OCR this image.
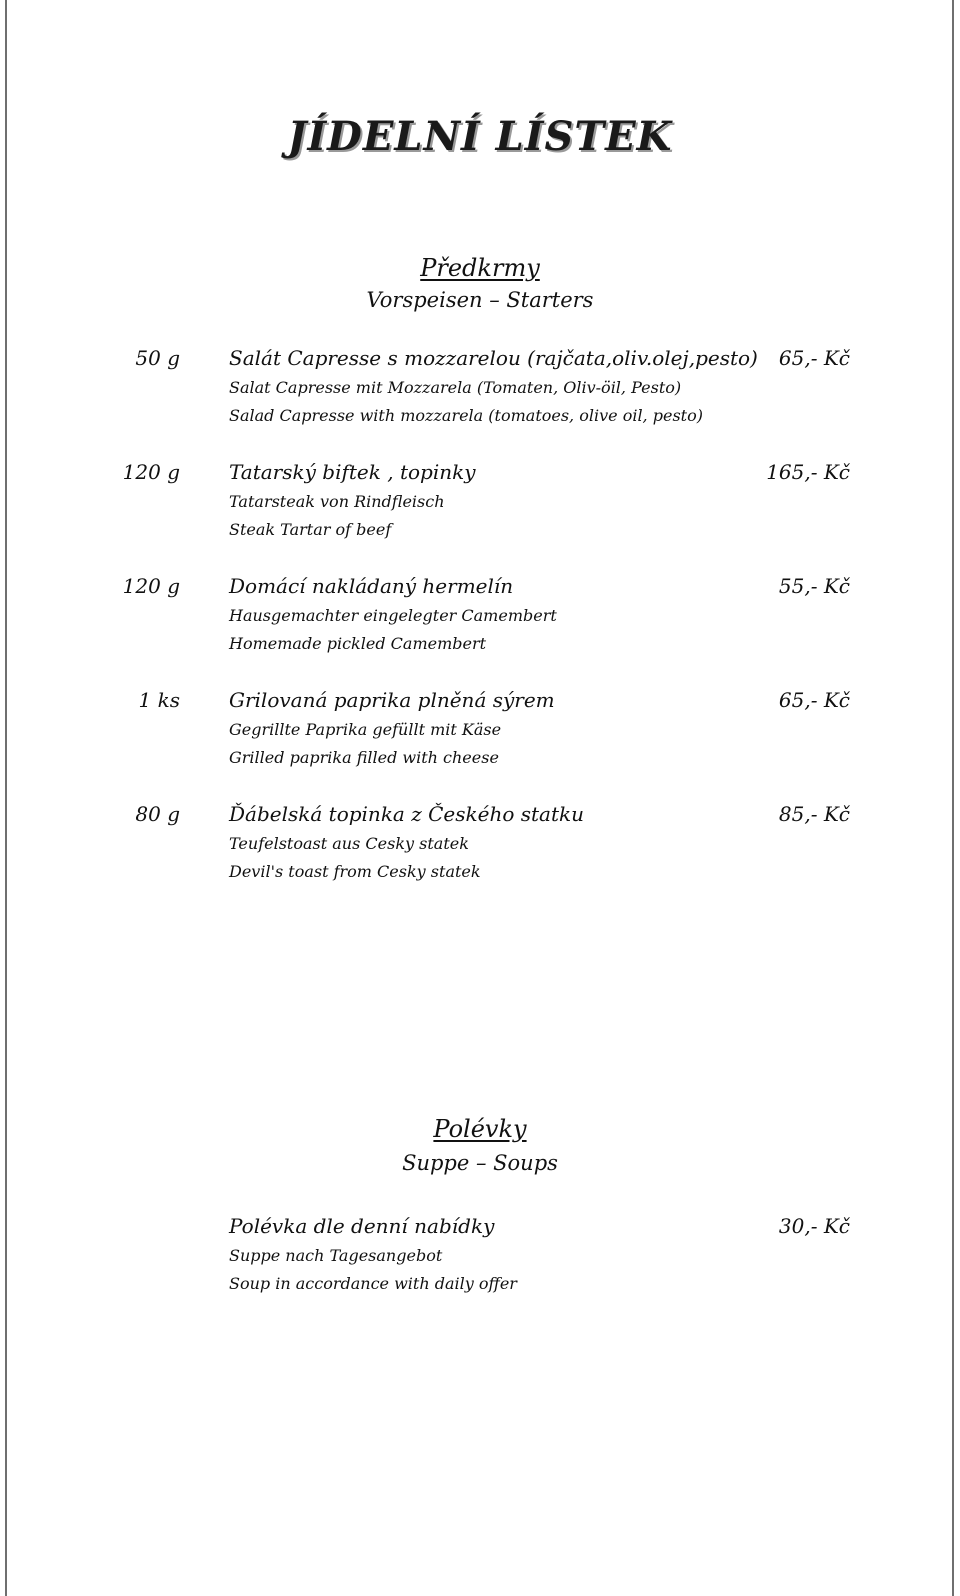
JÍDELNÍ LÍSTEK
Předkrmy
Vorspeisen – Starters
50 g Salát Capresse s mozzarelou (rajčata,oliv.olej,pesto) 65,- Kč
Salat Capresse mit Mozzarela (Tomaten, Oliv-öil, Pesto)
Salad Capresse with mozzarela (tomatoes, olive oil, pesto)
120 g Tatarský biftek , topinky	165,- Kč
Tatarsteak von Rindfleisch
Steak Tartar of beef
120 g Domácí nakládaný hermelín	55,- Kč
Hausgemachter eingelegter Camembert
Homemade pickled Camembert
1 ks Grilovaná paprika plněná sýrem	65,- Kč
Gegrillte Paprika gefüllt mit Käse
Grilled paprika filled with cheese
80 g Ďábelská topinka z Českého statku	85,- Kč
Teufelstoast aus Cesky statek
Devil's toast from Cesky statek
Polévky
Suppe – Soups
Polévka dle denní nabídky	30,- Kč
Suppe nach Tagesangebot
Soup in accordance with daily offer
